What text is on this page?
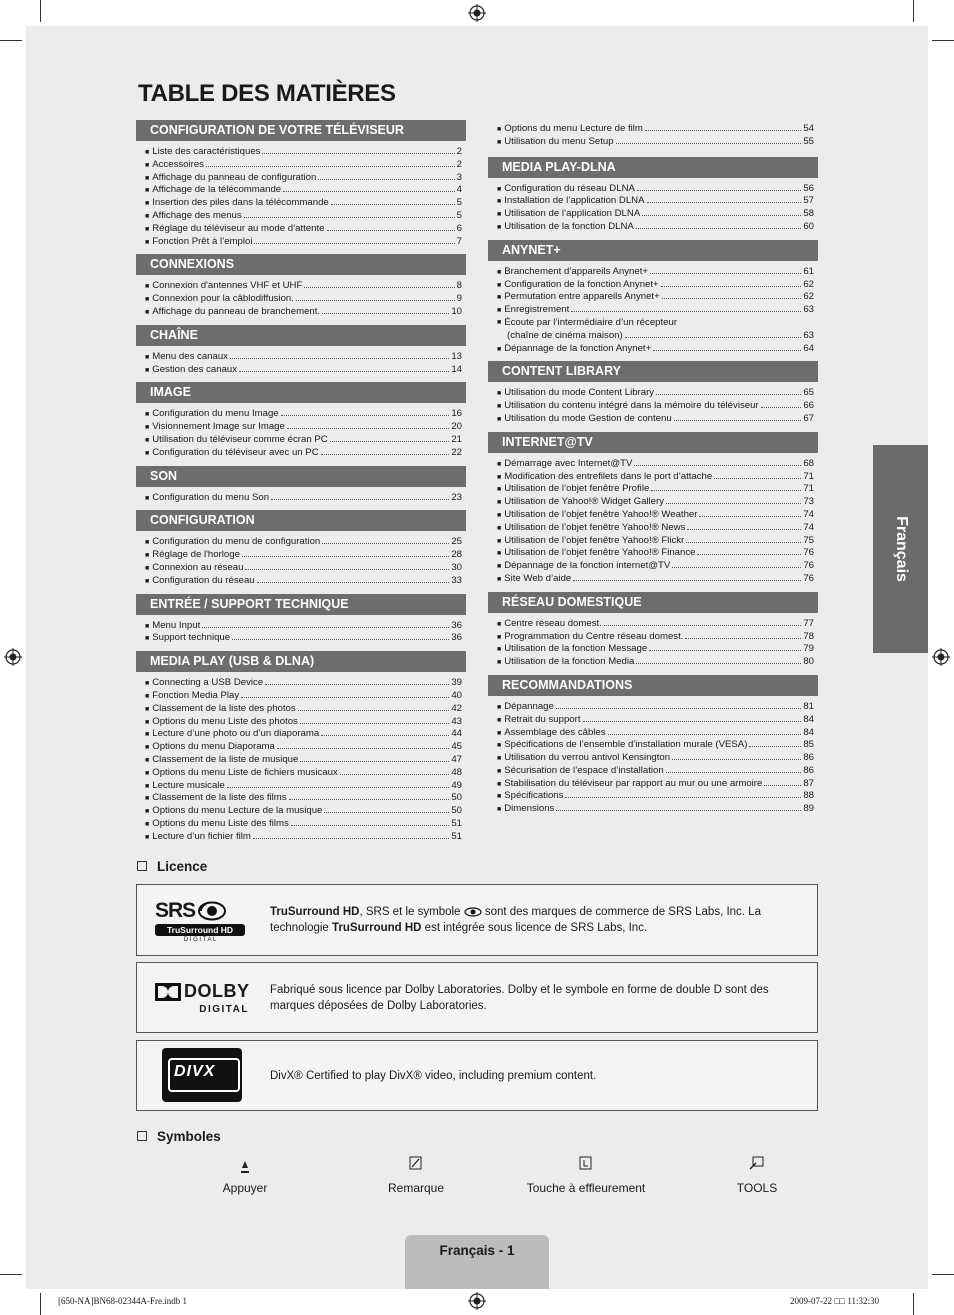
TABLE DES MATIÈRES
CONFIGURATION DE VOTRE TÉLÉVISEUR
■ Liste des caractéristiques	2
■ Accessoires	2
■ Affichage du panneau de configuration	3
■ Affichage de la télécommande	4
■ Insertion des piles dans la télécommande	5
■ Affichage des menus	5
■ Réglage du téléviseur au mode d’attente	6
■ Fonction Prêt à l’emploi	7
CONNEXIONS
■ Connexion d'antennes VHF et UHF	8
■ Connexion pour la câblodiffusion.	9
■ Affichage du panneau de branchement.	10
CHAÎNE
■ Menu des canaux	13
■ Gestion des canaux	14
IMAGE
■ Configuration du menu Image	16
■ Visionnement Image sur Image	20
■ Utilisation du téléviseur comme écran PC	21
■ Configuration du téléviseur avec un PC	22
SON
■ Configuration du menu Son	23
CONFIGURATION
■ Configuration du menu de configuration	25
■ Réglage de l'horloge	28
■ Connexion au réseau	30
■ Configuration du réseau	33
ENTRÉE / SUPPORT TECHNIQUE
■ Menu Input	36
■ Support technique	36
MEDIA PLAY (USB & DLNA)
■ Connecting a USB Device	39
■ Fonction Media Play	40
■ Classement de la liste des photos	42
■ Options du menu Liste des photos	43
■ Lecture d’une photo ou d’un diaporama	44
■ Options du menu Diaporama	45
■ Classement de la liste de musique	47
■ Options du menu Liste de fichiers musicaux	48
■ Lecture musicale	49
■ Classement de la liste des films	50
■ Options du menu Lecture de la musique	50
■ Options du menu Liste des films	51
■ Lecture d’un fichier film	51
■ Options du menu Lecture de film	54
■ Utilisation du menu Setup	55
MEDIA PLAY-DLNA
■ Configuration du réseau DLNA	56
■ Installation de l’application DLNA	57
■ Utilisation de l’application DLNA	58
■ Utilisation de la fonction DLNA	60
ANYNET+
■ Branchement d’appareils Anynet+	61
■ Configuration de la fonction Anynet+	62
■ Permutation entre appareils Anynet+	62
■ Enregistrement	63
■ Écoute par l’intermédiaire d’un récepteur
(chaîne de cinéma maison)	63
■ Dépannage de la fonction Anynet+	64
CONTENT LIBRARY
■ Utilisation du mode Content Library	65
■ Utilisation du contenu intégré dans la mémoire du téléviseur	66
■ Utilisation du mode Gestion de contenu	67
INTERNET@TV
■ Démarrage avec Internet@TV	68
■ Modification des entrefilets dans le port d’attache	71
■ Utilisation de l’objet fenêtre Profile	71
■ Utilisation de Yahoo!® Widget Gallery	73
■ Utilisation de l’objet fenêtre Yahoo!® Weather	74
■ Utilisation de l’objet fenêtre Yahoo!® News	74
■ Utilisation de l’objet fenêtre Yahoo!® Flickr	75
■ Utilisation de l’objet fenêtre Yahoo!® Finance	76
■ Dépannage de la fonction internet@TV	76
■ Site Web d’aide	76
RÉSEAU DOMESTIQUE
■ Centre réseau domest.	77
■ Programmation du Centre réseau domest.	78
■ Utilisation de la fonction Message	79
■ Utilisation de la fonction Media	80
RECOMMANDATIONS
■ Dépannage	81
■ Retrait du support	84
■ Assemblage des câbles	84
■ Spécifications de l’ensemble d’installation murale (VESA)	85
■ Utilisation du verrou antivol Kensington	86
■ Sécurisation de l’espace d’installation	86
■ Stabilisation du téléviseur par rapport au mur ou une armoire	87
■ Spécifications	88
■ Dimensions	89
Français
Licence
SRS
TruSurround HD
D I G I T A L
TruSurround HD, SRS et le symbole  sont des marques de commerce de SRS Labs, Inc. La technologie TruSurround HD est intégrée sous licence de SRS Labs, Inc.
DOLBY
DIGITAL
Fabriqué sous licence par Dolby Laboratories. Dolby et le symbole en forme de double D sont des marques déposées de Dolby Laboratories.
DIVX	DivX® Certified to play DivX® video, including premium content.
Symboles
Appuyer	Remarque	Touche à effleurement	TOOLS
Français - 1
[650-NA]BN68-02344A-Fre.indb 1	2009-07-22 □□ 11:32:30
